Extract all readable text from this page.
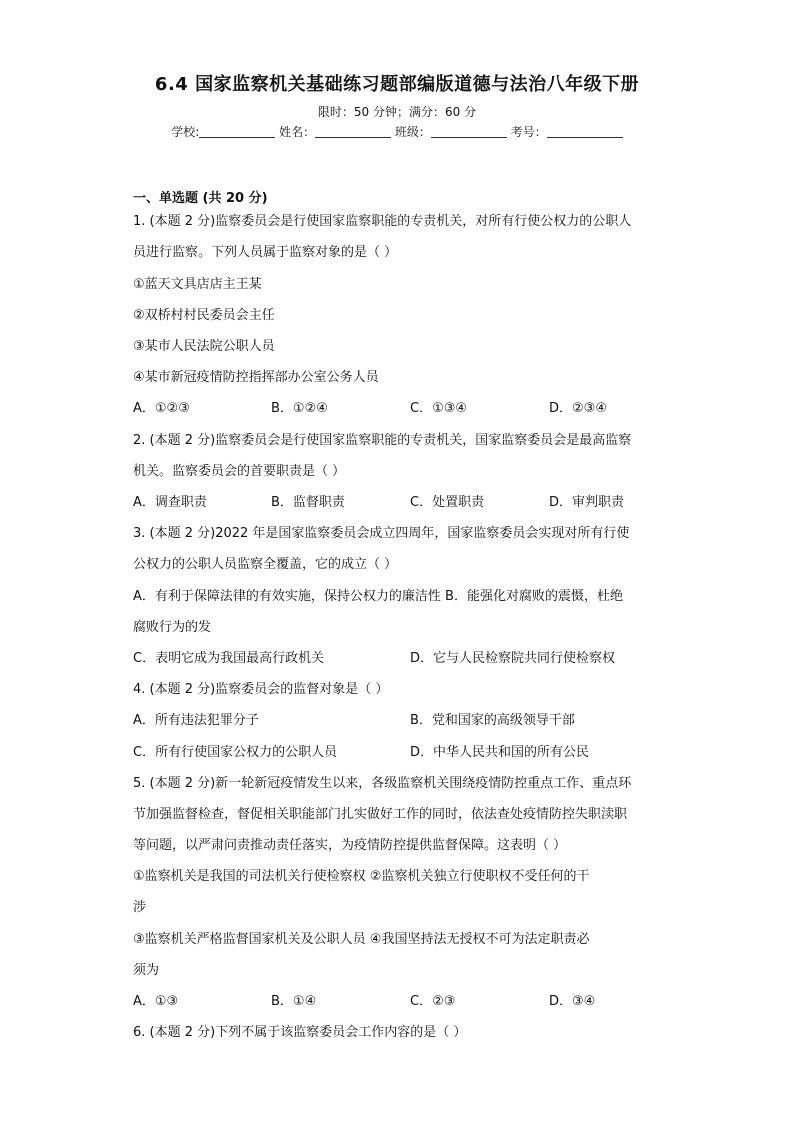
6.4 国家监察机关基础练习题部编版道德与法治八年级下册
限时：50 分钟；满分：60 分
学校:	姓名：	班级：	考号：
一、单选题 (共 20 分)
1. (本题 2 分)监察委员会是行使国家监察职能的专责机关，对所有行使公权力的公职人
员进行监察。下列人员属于监察对象的是（ ）
①蓝天文具店店主王某
②双桥村村民委员会主任
③某市人民法院公职人员
④某市新冠疫情防控指挥部办公室公务人员
A．①②③	B．①②④	C．①③④	D．②③④
2. (本题 2 分)监察委员会是行使国家监察职能的专责机关，国家监察委员会是最高监察
机关。监察委员会的首要职责是（ ）
A．调查职责	B．监督职责	C．处置职责	D．审判职责
3. (本题 2 分)2022 年是国家监察委员会成立四周年，国家监察委员会实现对所有行使
公权力的公职人员监察全覆盖，它的成立（ ）
A．有利于保障法律的有效实施，保持公权力的廉洁性 B．能强化对腐败的震慑，杜绝
腐败行为的发
C．表明它成为我国最高行政机关	D．它与人民检察院共同行使检察权
4. (本题 2 分)监察委员会的监督对象是（ ）
A．所有违法犯罪分子	B．党和国家的高级领导干部
C．所有行使国家公权力的公职人员	D．中华人民共和国的所有公民
5. (本题 2 分)新一轮新冠疫情发生以来，各级监察机关围绕疫情防控重点工作、重点环
节加强监督检查，督促相关职能部门扎实做好工作的同时，依法查处疫情防控失职渎职
等问题，以严肃问责推动责任落实，为疫情防控提供监督保障。这表明（ ）
①监察机关是我国的司法机关行使检察权 ②监察机关独立行使职权不受任何的干
涉
③监察机关严格监督国家机关及公职人员 ④我国坚持法无授权不可为法定职责必
须为
A．①③	B．①④	C．②③	D．③④
6. (本题 2 分)下列不属于该监察委员会工作内容的是（ ）
